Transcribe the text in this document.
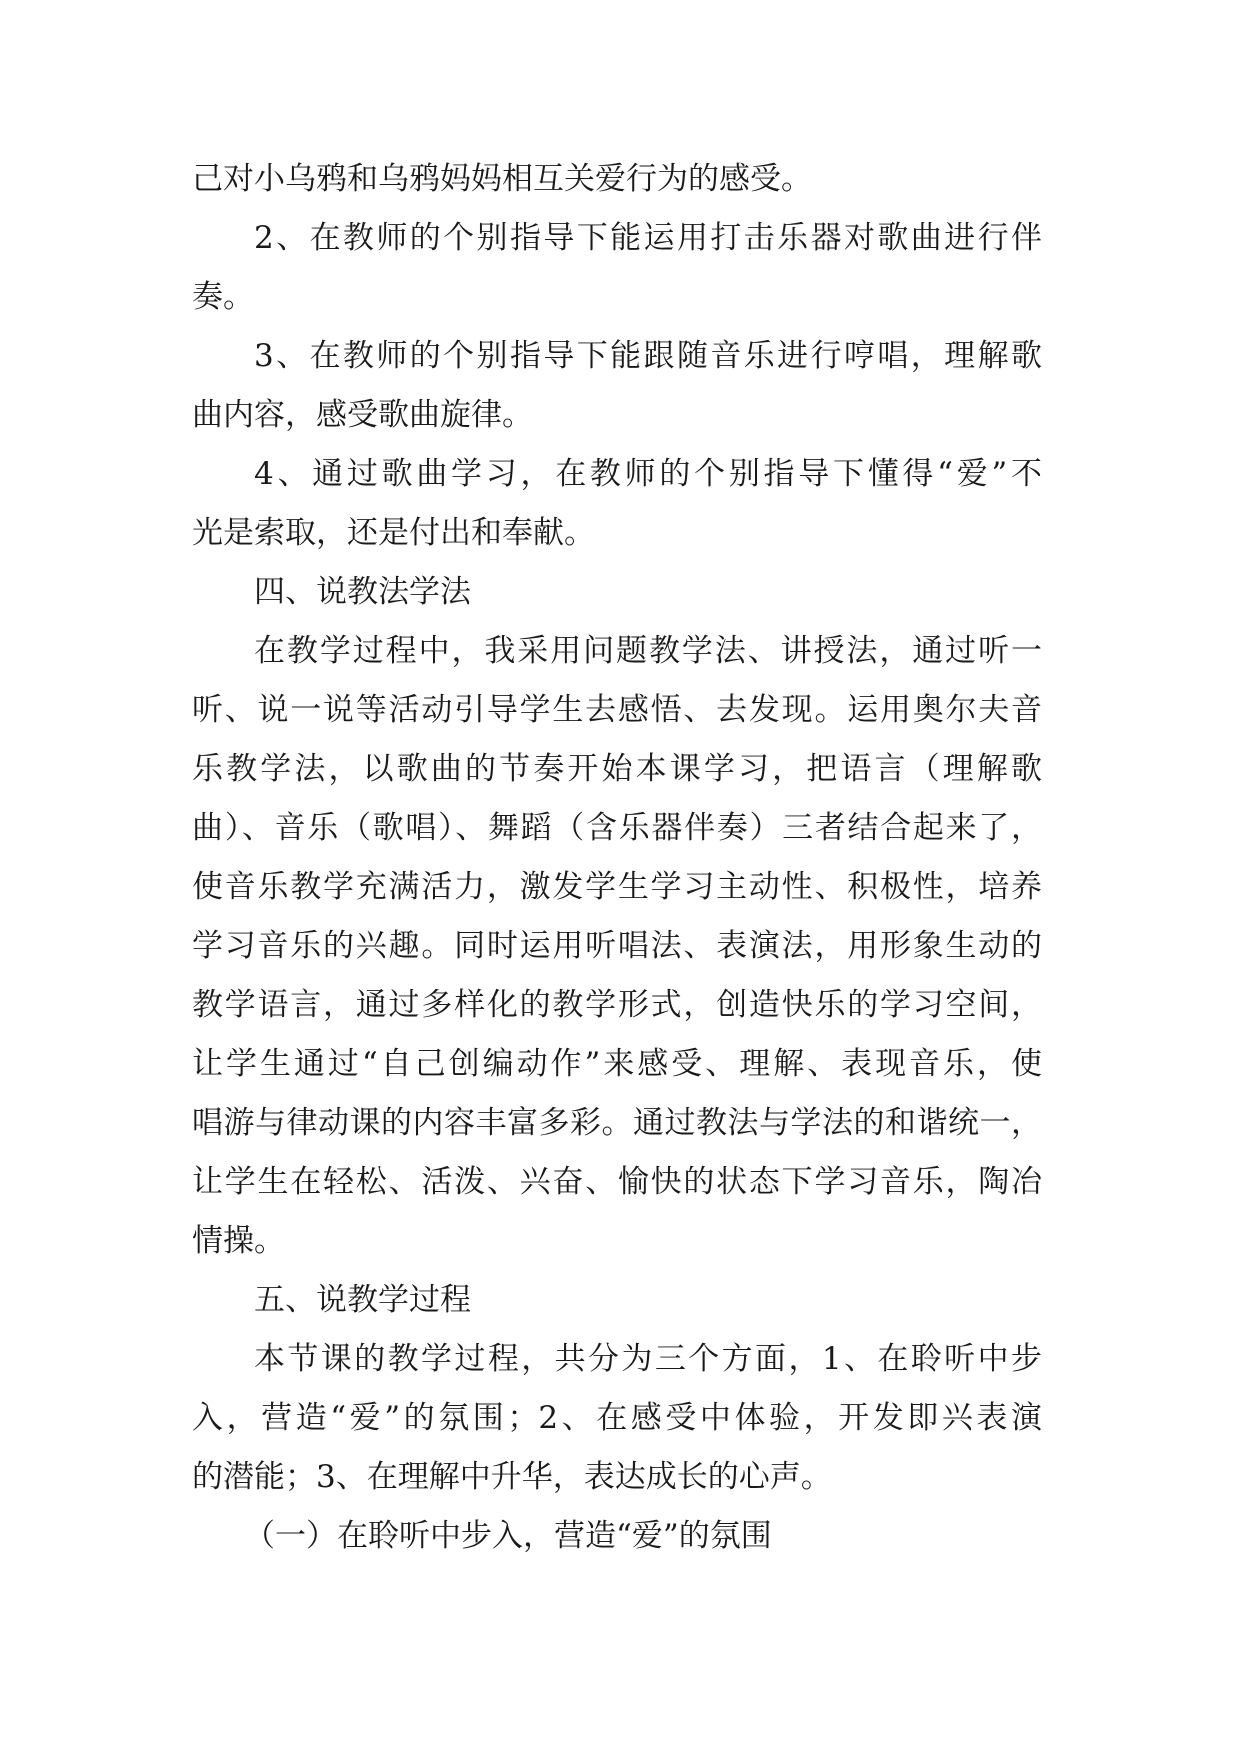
己对小乌鸦和乌鸦妈妈相互关爱行为的感受。
2、在教师的个别指导下能运用打击乐器对歌曲进行伴
奏。
3、在教师的个别指导下能跟随音乐进行哼唱，理解歌
曲内容，感受歌曲旋律。
4、通过歌曲学习，在教师的个别指导下懂得“爱”不
光是索取，还是付出和奉献。
四、说教法学法
在教学过程中，我采用问题教学法、讲授法，通过听一
听、说一说等活动引导学生去感悟、去发现。运用奥尔夫音
乐教学法，以歌曲的节奏开始本课学习，把语言（理解歌
曲）、音乐（歌唱）、舞蹈（含乐器伴奏）三者结合起来了，
使音乐教学充满活力，激发学生学习主动性、积极性，培养
学习音乐的兴趣。同时运用听唱法、表演法，用形象生动的
教学语言，通过多样化的教学形式，创造快乐的学习空间，
让学生通过“自己创编动作”来感受、理解、表现音乐，使
唱游与律动课的内容丰富多彩。通过教法与学法的和谐统一，
让学生在轻松、活泼、兴奋、愉快的状态下学习音乐，陶冶
情操。
五、说教学过程
本节课的教学过程，共分为三个方面，1、在聆听中步
入，营造“爱”的氛围；2、在感受中体验，开发即兴表演
的潜能；3、在理解中升华，表达成长的心声。
（一）在聆听中步入，营造“爱”的氛围
